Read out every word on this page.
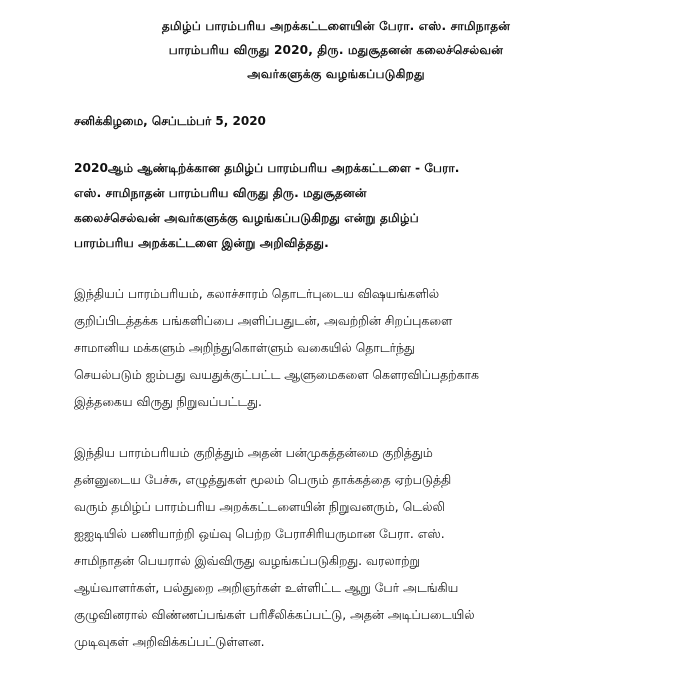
தமிழ்ப் பாரம்பரிய அறக்கட்டளையின் பேரா. எஸ். சாமிநாதன்
பாரம்பரிய விருது 2020, திரு. மதுசூதனன் கலைச்செல்வன்
அவர்களுக்கு வழங்கப்படுகிறது

சனிக்கிழமை, செப்டம்பர் 5, 2020

2020ஆம் ஆண்டிற்க்கான தமிழ்ப் பாரம்பரிய அறக்கட்டளை - பேரா.
எஸ். சாமிநாதன் பாரம்பரிய விருது திரு. மதுசூதனன்
கலைச்செல்வன் அவர்களுக்கு வழங்கப்படுகிறது என்று தமிழ்ப்
பாரம்பரிய அறக்கட்டளை இன்று அறிவித்தது.

இந்தியப் பாரம்பரியம், கலாச்சாரம் தொடர்புடைய விஷயங்களில்
குறிப்பிடத்தக்க பங்களிப்பை அளிப்பதுடன், அவற்றின் சிறப்புகளை
சாமானிய மக்களும் அறிந்துகொள்ளும் வகையில் தொடர்ந்து
செயல்படும் ஐம்பது வயதுக்குட்பட்ட ஆளுமைகளை கௌரவிப்பதற்காக
இத்தகைய விருது நிறுவப்பட்டது.

இந்திய பாரம்பரியம் குறித்தும் அதன் பன்முகத்தன்மை குறித்தும்
தன்னுடைய பேச்சு, எழுத்துகள் மூலம் பெரும் தாக்கத்தை ஏற்படுத்தி
வரும் தமிழ்ப் பாரம்பரிய அறக்கட்டளையின் நிறுவனரும், டெல்லி
ஐஐடியில் பணியாற்றி ஒய்வு பெற்ற பேராசிரியருமான பேரா. எஸ்.
சாமிநாதன் பெயரால் இவ்விருது வழங்கப்படுகிறது. வரலாற்று
ஆய்வாளர்கள், பல்துறை அறிஞர்கள் உள்ளிட்ட ஆறு பேர் அடங்கிய
குழுவினரால் விண்ணப்பங்கள் பரிசீலிக்கப்பட்டு, அதன் அடிப்படையில்
முடிவுகள் அறிவிக்கப்பட்டுள்ளன.
